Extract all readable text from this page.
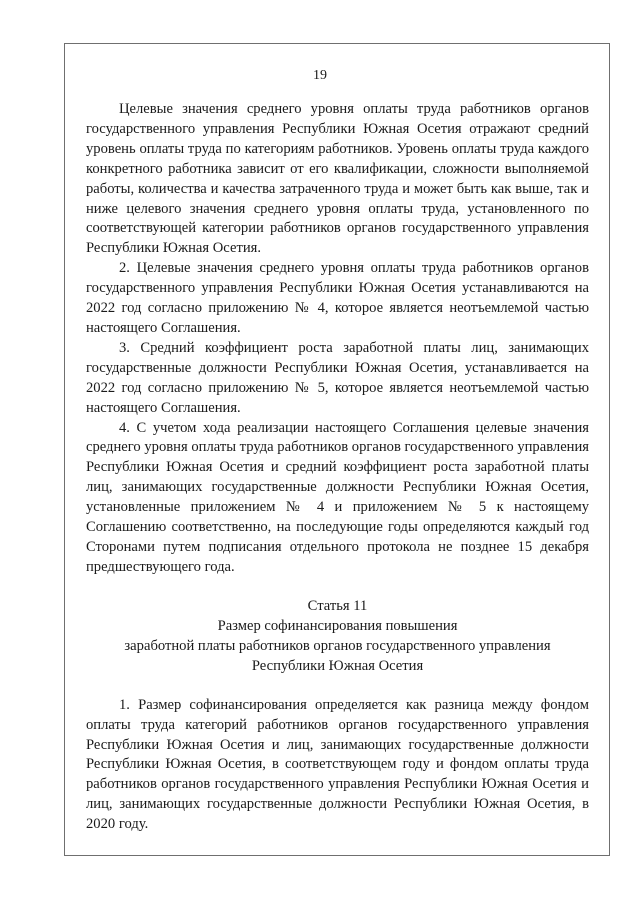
19

Целевые значения среднего уровня оплаты труда работников органов государственного управления Республики Южная Осетия отражают средний уровень оплаты труда по категориям работников. Уровень оплаты труда каждого конкретного работника зависит от его квалификации, сложности выполняемой работы, количества и качества затраченного труда и может быть как выше, так и ниже целевого значения среднего уровня оплаты труда, установленного по соответствующей категории работников органов государственного управления Республики Южная Осетия.

2. Целевые значения среднего уровня оплаты труда работников органов государственного управления Республики Южная Осетия устанавливаются на 2022 год согласно приложению № 4, которое является неотъемлемой частью настоящего Соглашения.

3. Средний коэффициент роста заработной платы лиц, занимающих государственные должности Республики Южная Осетия, устанавливается на 2022 год согласно приложению № 5, которое является неотъемлемой частью настоящего Соглашения.

4. С учетом хода реализации настоящего Соглашения целевые значения среднего уровня оплаты труда работников органов государственного управления Республики Южная Осетия и средний коэффициент роста заработной платы лиц, занимающих государственные должности Республики Южная Осетия, установленные приложением № 4 и приложением № 5 к настоящему Соглашению соответственно, на последующие годы определяются каждый год Сторонами путем подписания отдельного протокола не позднее 15 декабря предшествующего года.

Статья 11
Размер софинансирования повышения
заработной платы работников органов государственного управления
Республики Южная Осетия

1. Размер софинансирования определяется как разница между фондом оплаты труда категорий работников органов государственного управления Республики Южная Осетия и лиц, занимающих государственные должности Республики Южная Осетия, в соответствующем году и фондом оплаты труда работников органов государственного управления Республики Южная Осетия и лиц, занимающих государственные должности Республики Южная Осетия, в 2020 году.
